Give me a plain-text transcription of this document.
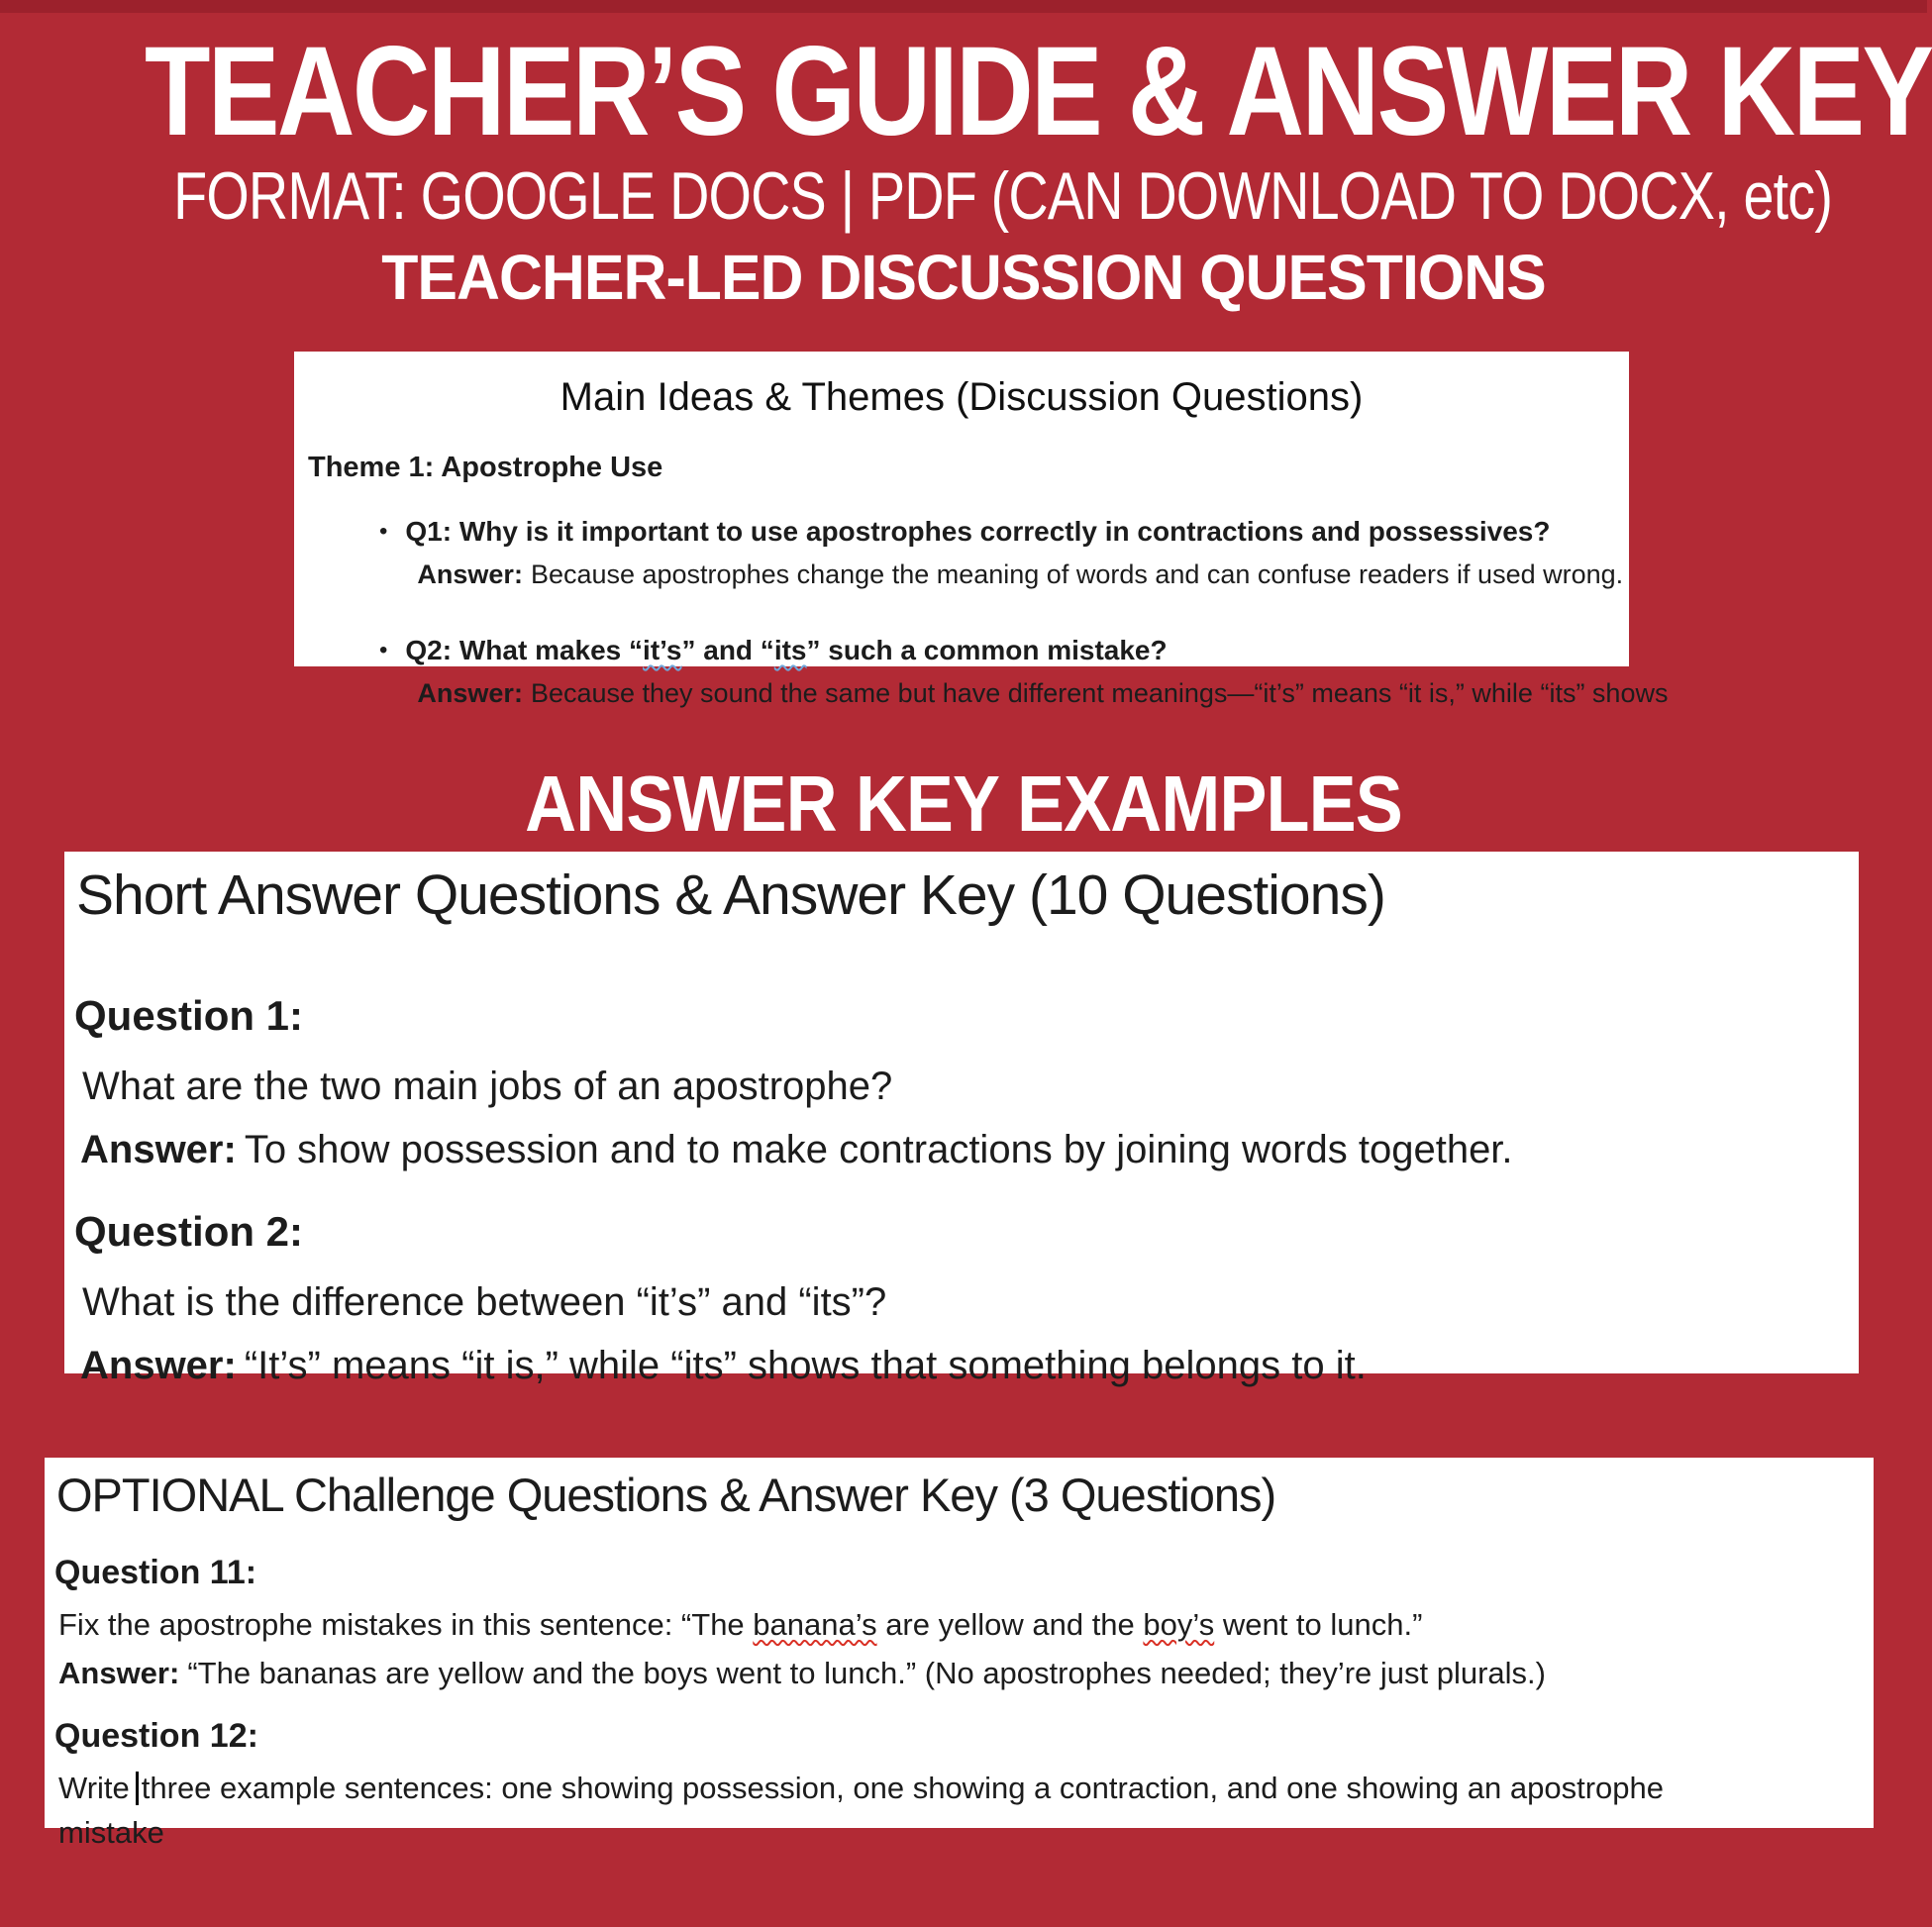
TEACHER’S GUIDE & ANSWER KEY
FORMAT: GOOGLE DOCS | PDF (CAN DOWNLOAD TO DOCX, etc)
TEACHER-LED DISCUSSION QUESTIONS
Main Ideas & Themes (Discussion Questions)
Theme 1: Apostrophe Use
• Q1: Why is it important to use apostrophes correctly in contractions and possessives?
Answer: Because apostrophes change the meaning of words and can confuse readers if used wrong.
• Q2: What makes “it’s” and “its” such a common mistake?
Answer: Because they sound the same but have different meanings—“it’s” means “it is,” while “its” shows
ANSWER KEY EXAMPLES
Short Answer Questions & Answer Key (10 Questions)
Question 1:
What are the two main jobs of an apostrophe?
Answer: To show possession and to make contractions by joining words together.
Question 2:
What is the difference between “it’s” and “its”?
Answer: “It’s” means “it is,” while “its” shows that something belongs to it.
OPTIONAL Challenge Questions & Answer Key (3 Questions)
Question 11:
Fix the apostrophe mistakes in this sentence: “The banana’s are yellow and the boy’s went to lunch.”
Answer: “The bananas are yellow and the boys went to lunch.” (No apostrophes needed; they’re just plurals.)
Question 12:
Write three example sentences: one showing possession, one showing a contraction, and one showing an apostrophe
mistake
